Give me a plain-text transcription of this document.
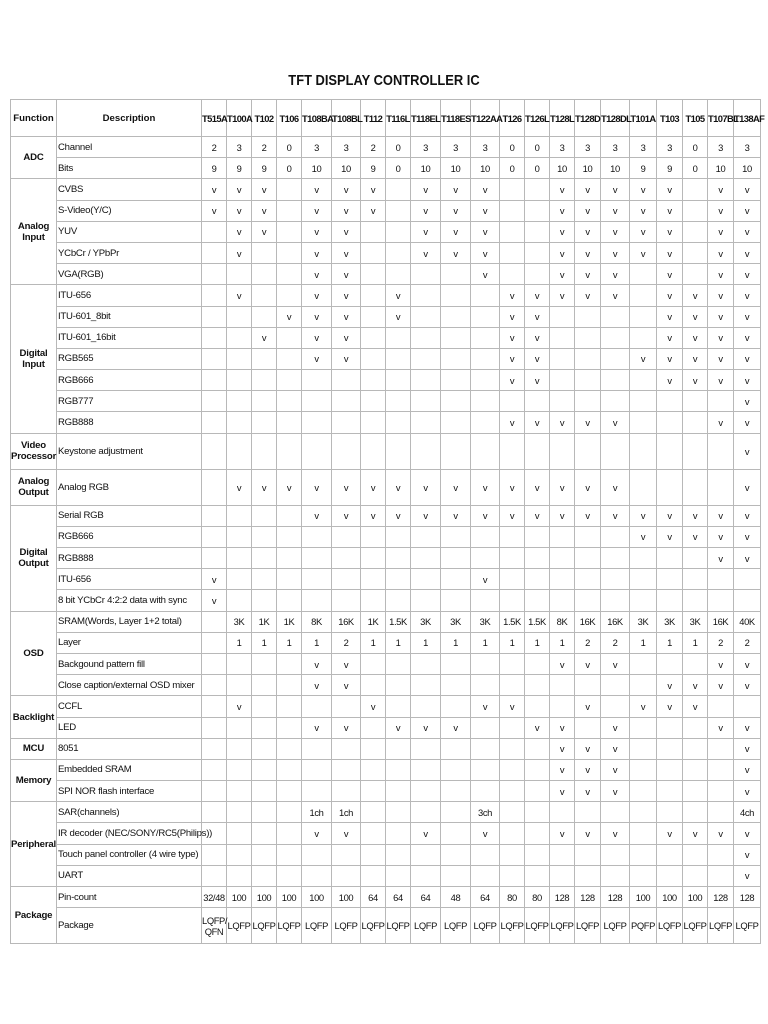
TFT DISPLAY CONTROLLER IC
Function	Description	T515A	T100A	T102	T106	T108BA	T108BL	T112	T116L	T118EL	T118ES	T122AA	T126	T126L	T128L	T128D	T128DL	T101A	T103	T105	T107BL	T138AF
ADC	Channel	2	3	2	0	3	3	2	0	3	3	3	0	0	3	3	3	3	3	0	3	3
	Bits	9	9	9	0	10	10	9	0	10	10	10	0	0	10	10	10	9	9	0	10	10
Analog Input	CVBS	v	v	v		v	v	v		v	v	v			v	v	v	v	v		v	v
	S-Video(Y/C)	v	v	v		v	v	v		v	v	v			v	v	v	v	v		v	v
	YUV		v	v		v	v			v	v	v			v	v	v	v	v		v	v
	YCbCr / YPbPr		v			v	v			v	v	v			v	v	v	v	v		v	v
	VGA(RGB)					v	v					v			v	v	v		v		v	v
Digital Input	ITU-656		v			v	v		v				v	v	v	v	v		v	v	v	v
	ITU-601_8bit				v	v	v		v				v	v					v	v	v	v
	ITU-601_16bit			v		v	v						v	v					v	v	v	v
	RGB565					v	v						v	v				v	v	v	v	v
	RGB666												v	v					v	v	v	v
	RGB777																					v
	RGB888												v	v	v	v	v				v	v
Video Processor	Keystone adjustment																					v
Analog Output	Analog RGB		v	v	v	v	v	v	v	v	v	v	v	v	v	v	v					v
Digital Output	Serial RGB					v	v	v	v	v	v	v	v	v	v	v	v	v	v	v	v	v
	RGB666																	v	v	v	v	v
	RGB888																				v	v
	ITU-656	v										v										
	8 bit YCbCr 4:2:2 data with sync	v																				
OSD	SRAM(Words, Layer 1+2 total)		3K	1K	1K	8K	16K	1K	1.5K	3K	3K	3K	1.5K	1.5K	8K	16K	16K	3K	3K	3K	16K	40K
	Layer		1	1	1	1	2	1	1	1	1	1	1	1	1	2	2	1	1	1	2	2
	Backgound pattern fill					v	v								v	v	v				v	v
	Close caption/external OSD mixer					v	v												v	v	v	v
Backlight	CCFL		v					v				v	v			v		v	v	v		
	LED					v	v		v	v	v			v	v		v				v	v
MCU	8051														v	v	v					v
Memory	Embedded SRAM														v	v	v					v
	SPI NOR flash interface														v	v	v					v
Peripheral	SAR(channels)					1ch	1ch					3ch										4ch
	IR decoder (NEC/SONY/RC5(Philips))					v	v			v		v			v	v	v		v	v	v	v
	Touch panel controller (4 wire type)																					v
	UART																					v
Package	Pin-count	32/48	100	100	100	100	100	64	64	64	48	64	80	80	128	128	128	100	100	100	128	128
	Package	LQFP/ QFN	LQFP	LQFP	LQFP	LQFP	LQFP	LQFP	LQFP	LQFP	LQFP	LQFP	LQFP	LQFP	LQFP	LQFP	LQFP	PQFP	LQFP	LQFP	LQFP	LQFP
